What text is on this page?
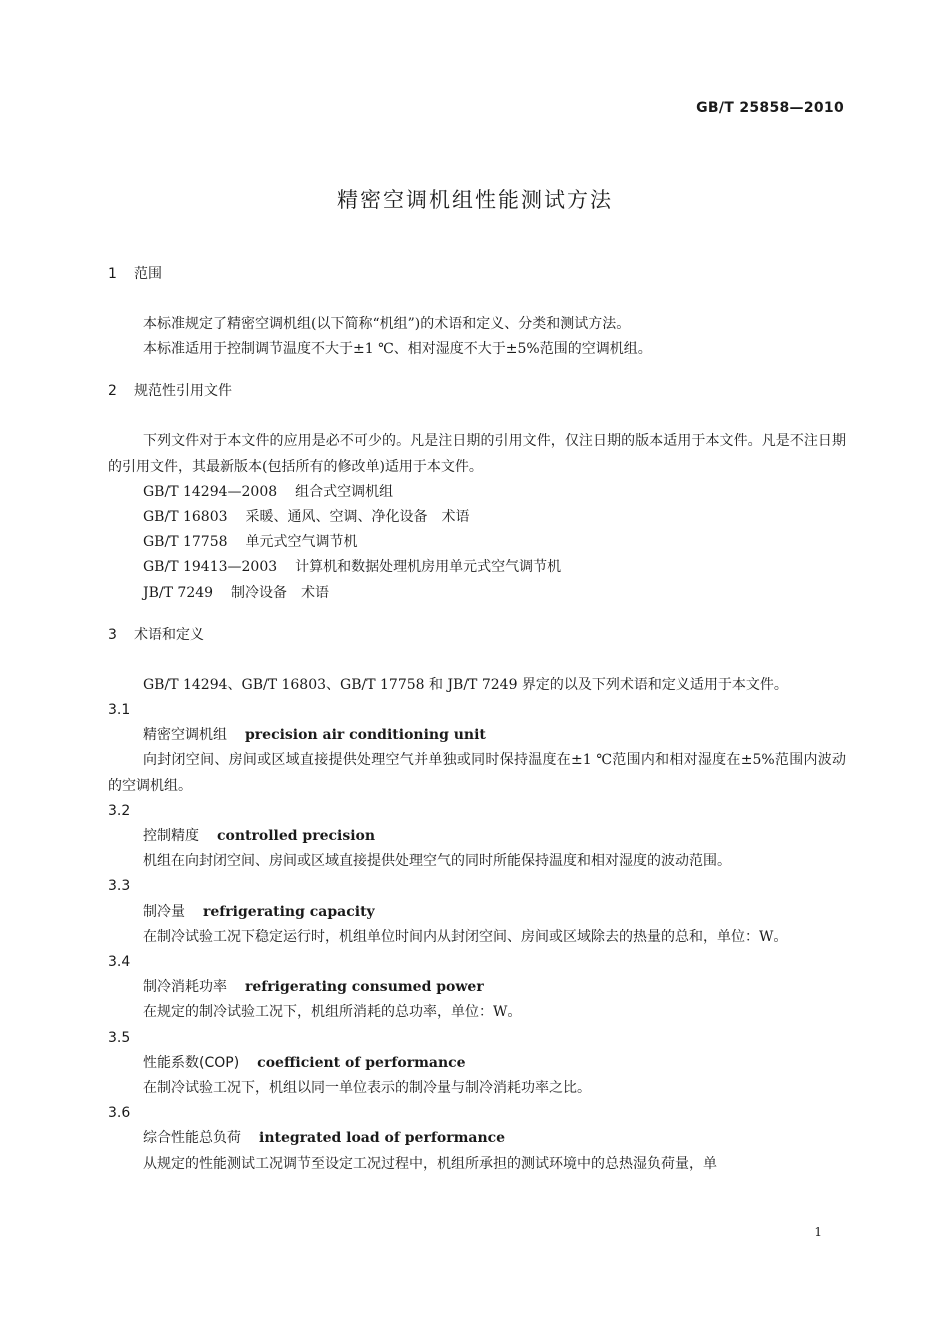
GB/T 25858—2010
精密空调机组性能测试方法
1 范围

本标准规定了精密空调机组(以下简称“机组”)的术语和定义、分类和测试方法。

本标准适用于控制调节温度不大于±1 ℃、相对湿度不大于±5%范围的空调机组。

2 规范性引用文件

下列文件对于本文件的应用是必不可少的。凡是注日期的引用文件，仅注日期的版本适用于本文件。凡是不注日期的引用文件，其最新版本(包括所有的修改单)适用于本文件。

GB/T 14294—2008 组合式空调机组

GB/T 16803 采暖、通风、空调、净化设备　术语

GB/T 17758 单元式空气调节机

GB/T 19413—2003 计算机和数据处理机房用单元式空气调节机

JB/T 7249 制冷设备　术语

3 术语和定义

GB/T 14294、GB/T 16803、GB/T 17758 和 JB/T 7249 界定的以及下列术语和定义适用于本文件。

3.1

精密空调机组 precision air conditioning unit

向封闭空间、房间或区域直接提供处理空气并单独或同时保持温度在±1 ℃范围内和相对湿度在±5%范围内波动的空调机组。

3.2

控制精度 controlled precision

机组在向封闭空间、房间或区域直接提供处理空气的同时所能保持温度和相对湿度的波动范围。

3.3

制冷量 refrigerating capacity

在制冷试验工况下稳定运行时，机组单位时间内从封闭空间、房间或区域除去的热量的总和，单位：W。

3.4

制冷消耗功率 refrigerating consumed power

在规定的制冷试验工况下，机组所消耗的总功率，单位：W。

3.5

性能系数(COP) coefficient of performance

在制冷试验工况下，机组以同一单位表示的制冷量与制冷消耗功率之比。

3.6

综合性能总负荷 integrated load of performance

从规定的性能测试工况调节至设定工况过程中，机组所承担的测试环境中的总热湿负荷量，单

1
